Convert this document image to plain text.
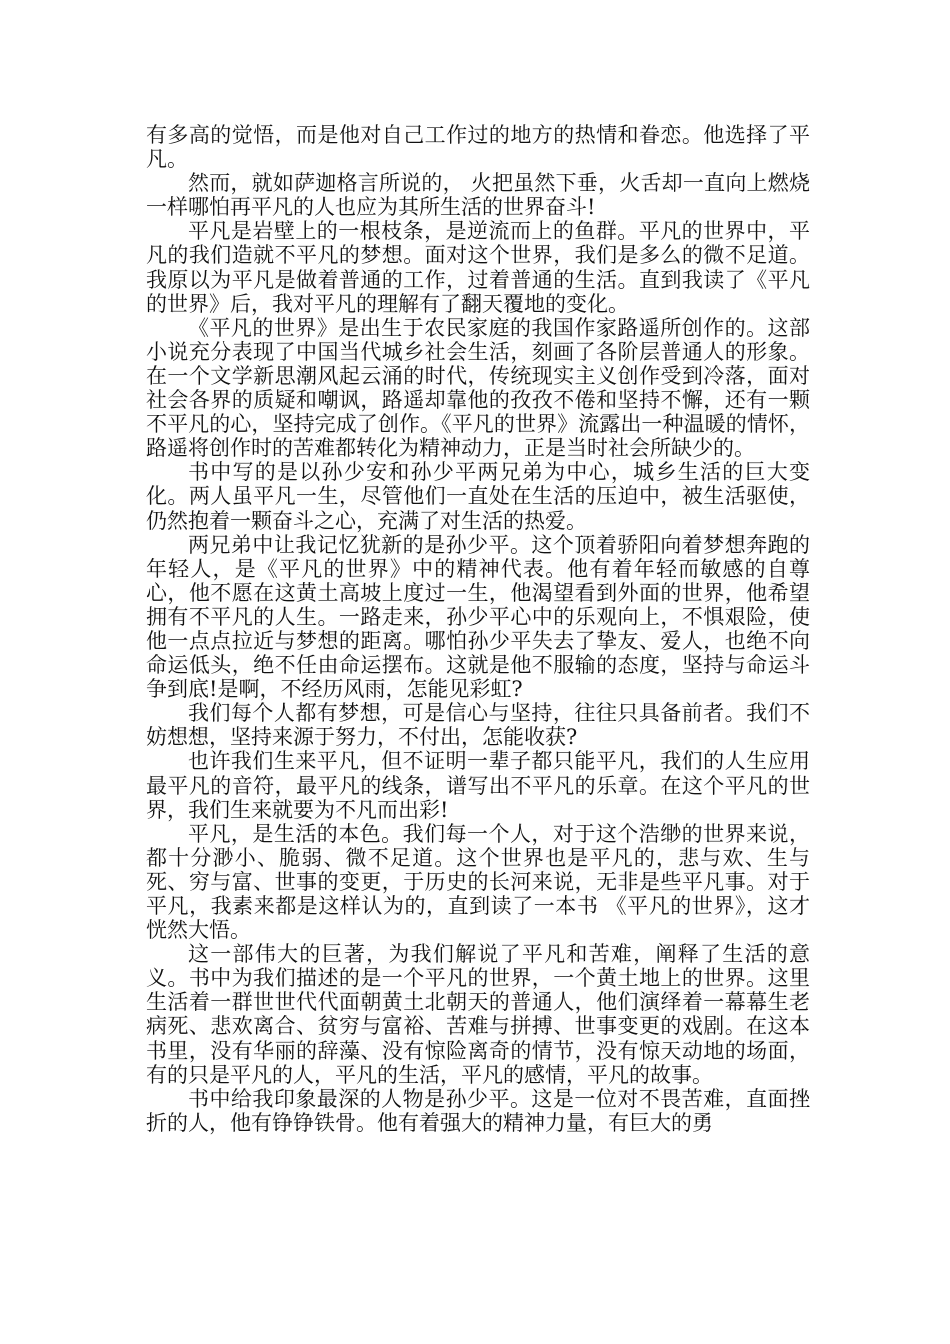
有多高的觉悟，而是他对自己工作过的地方的热情和眷恋。他选择了平凡。

然而，就如萨迦格言所说的， 火把虽然下垂，火舌却一直向上燃烧 一样哪怕再平凡的人也应为其所生活的世界奋斗!

平凡是岩壁上的一根枝条，是逆流而上的鱼群。平凡的世界中，平凡的我们造就不平凡的梦想。面对这个世界，我们是多么的微不足道。我原以为平凡是做着普通的工作，过着普通的生活。直到我读了《平凡的世界》后，我对平凡的理解有了翻天覆地的变化。

《平凡的世界》是出生于农民家庭的我国作家路遥所创作的。这部小说充分表现了中国当代城乡社会生活，刻画了各阶层普通人的形象。在一个文学新思潮风起云涌的时代，传统现实主义创作受到冷落，面对社会各界的质疑和嘲讽，路遥却靠他的孜孜不倦和坚持不懈，还有一颗不平凡的心，坚持完成了创作。《平凡的世界》流露出一种温暖的情怀，路遥将创作时的苦难都转化为精神动力，正是当时社会所缺少的。

书中写的是以孙少安和孙少平两兄弟为中心，城乡生活的巨大变化。两人虽平凡一生，尽管他们一直处在生活的压迫中，被生活驱使，仍然抱着一颗奋斗之心，充满了对生活的热爱。

两兄弟中让我记忆犹新的是孙少平。这个顶着骄阳向着梦想奔跑的年轻人，是《平凡的世界》中的精神代表。他有着年轻而敏感的自尊心，他不愿在这黄土高坡上度过一生，他渴望看到外面的世界，他希望拥有不平凡的人生。一路走来，孙少平心中的乐观向上，不惧艰险，使他一点点拉近与梦想的距离。哪怕孙少平失去了挚友、爱人，也绝不向命运低头，绝不任由命运摆布。这就是他不服输的态度，坚持与命运斗争到底!是啊，不经历风雨，怎能见彩虹?

我们每个人都有梦想，可是信心与坚持，往往只具备前者。我们不妨想想，坚持来源于努力，不付出，怎能收获?

也许我们生来平凡，但不证明一辈子都只能平凡，我们的人生应用最平凡的音符，最平凡的线条，谱写出不平凡的乐章。在这个平凡的世界，我们生来就要为不凡而出彩!

平凡，是生活的本色。我们每一个人，对于这个浩缈的世界来说，都十分渺小、脆弱、微不足道。这个世界也是平凡的，悲与欢、生与死、穷与富、世事的变更，于历史的长河来说，无非是些平凡事。对于平凡，我素来都是这样认为的，直到读了一本书 《平凡的世界》，这才恍然大悟。

这一部伟大的巨著，为我们解说了平凡和苦难，阐释了生活的意义。书中为我们描述的是一个平凡的世界，一个黄土地上的世界。这里生活着一群世世代代面朝黄土北朝天的普通人，他们演绎着一幕幕生老病死、悲欢离合、贫穷与富裕、苦难与拼搏、世事变更的戏剧。在这本书里，没有华丽的辞藻、没有惊险离奇的情节，没有惊天动地的场面，有的只是平凡的人，平凡的生活，平凡的感情，平凡的故事。

书中给我印象最深的人物是孙少平。这是一位对不畏苦难，直面挫折的人，他有铮铮铁骨。他有着强大的精神力量，有巨大的勇
